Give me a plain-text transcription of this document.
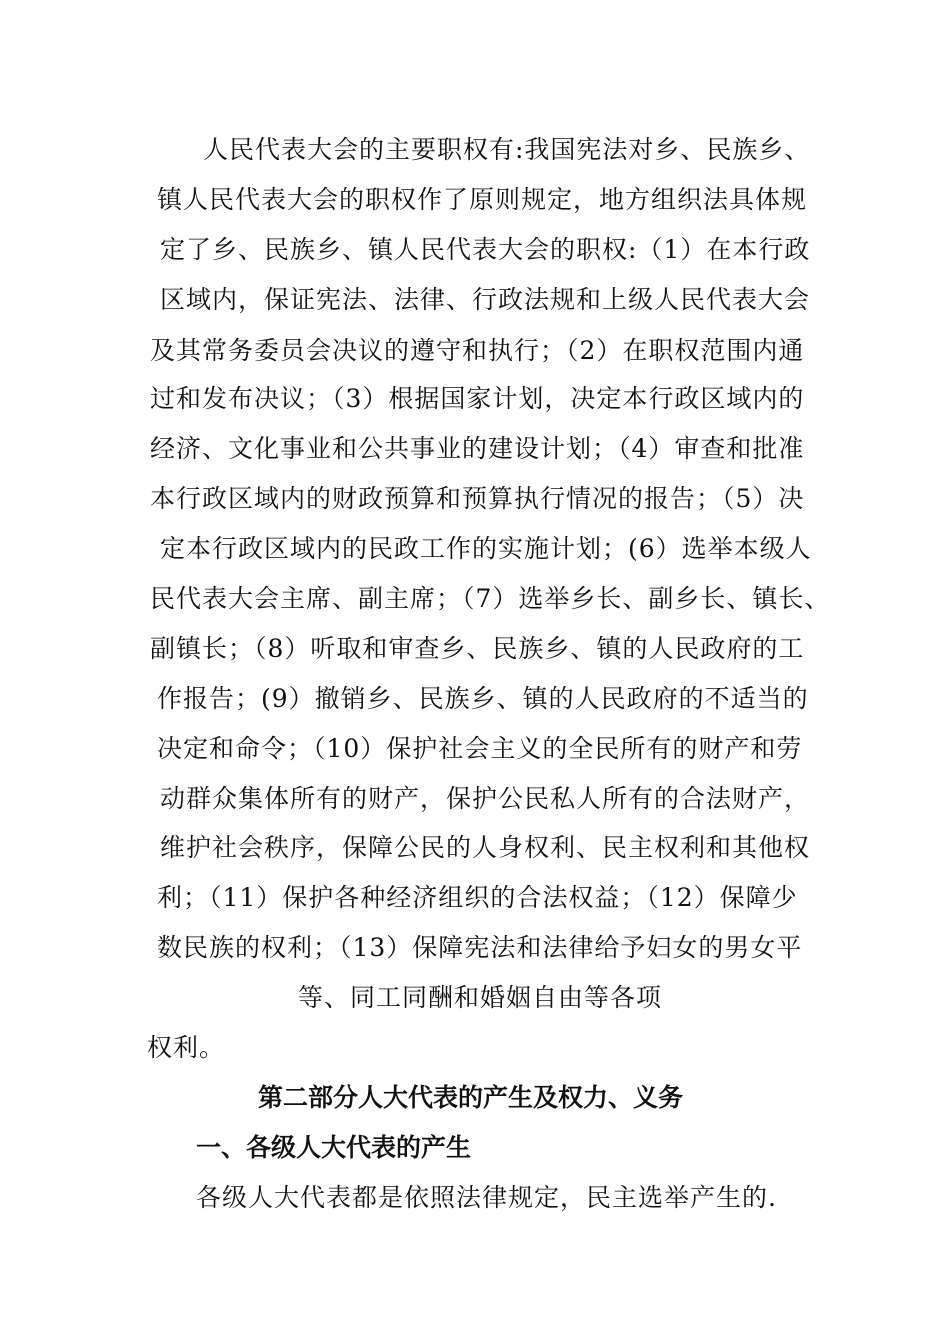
人民代表大会的主要职权有:我国宪法对乡、民族乡、
镇人民代表大会的职权作了原则规定，地方组织法具体规
定了乡、民族乡、镇人民代表大会的职权:（1）在本行政
区域内，保证宪法、法律、行政法规和上级人民代表大会
及其常务委员会决议的遵守和执行；（2）在职权范围内通
过和发布决议；（3）根据国家计划，决定本行政区域内的
经济、文化事业和公共事业的建设计划；（4）审查和批准
本行政区域内的财政预算和预算执行情况的报告；（5）决
定本行政区域内的民政工作的实施计划；(6）选举本级人
民代表大会主席、副主席；（7）选举乡长、副乡长、镇长、
副镇长；（8）听取和审查乡、民族乡、镇的人民政府的工
作报告；(9）撤销乡、民族乡、镇的人民政府的不适当的
决定和命令；（10）保护社会主义的全民所有的财产和劳
动群众集体所有的财产，保护公民私人所有的合法财产，
维护社会秩序，保障公民的人身权利、民主权利和其他权
利；（11）保护各种经济组织的合法权益；（12）保障少
数民族的权利；（13）保障宪法和法律给予妇女的男女平
等、同工同酬和婚姻自由等各项
权利。
第二部分人大代表的产生及权力、义务
一、各级人大代表的产生
各级人大代表都是依照法律规定，民主选举产生的.
